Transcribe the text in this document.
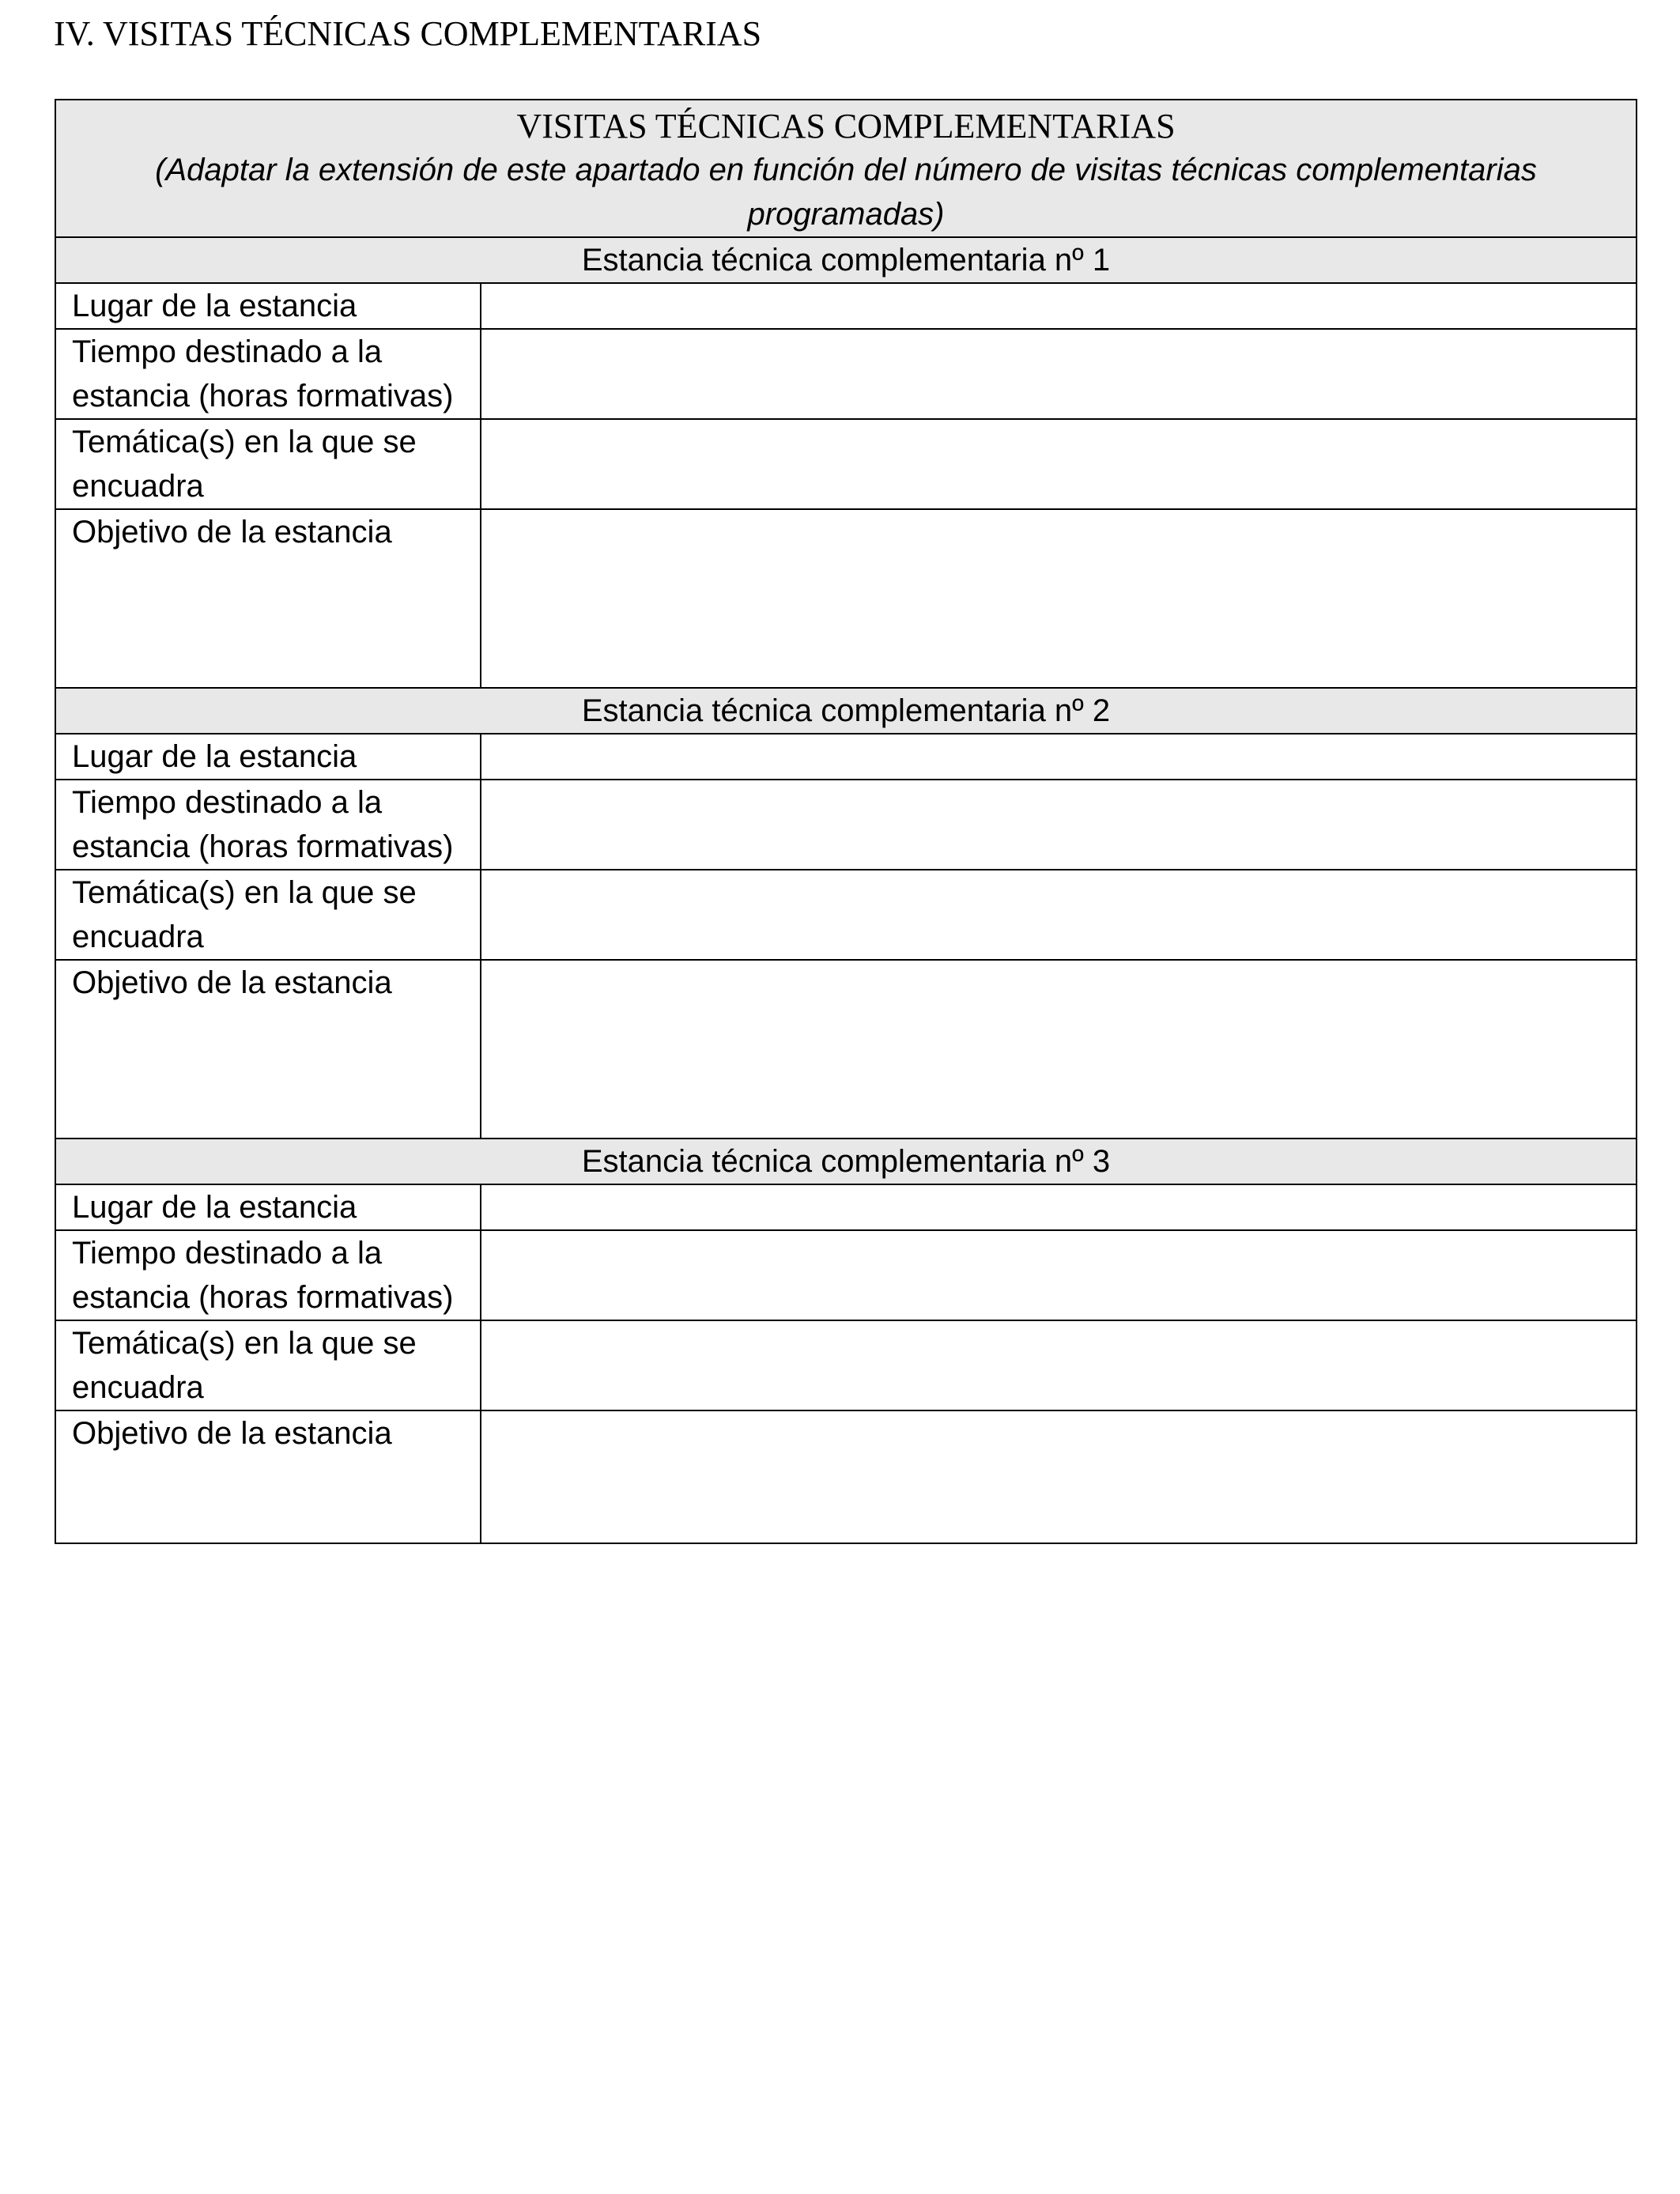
IV. VISITAS TÉCNICAS COMPLEMENTARIAS
VISITAS TÉCNICAS COMPLEMENTARIAS
(Adaptar la extensión de este apartado en función del número de visitas técnicas complementarias programadas)	

Estancia técnica complementaria nº 1	
Lugar de la estancia	
Tiempo destinado a la estancia (horas formativas)	
Temática(s) en la que se encuadra	
Objetivo de la estancia	
Estancia técnica complementaria nº 2	
Lugar de la estancia	
Tiempo destinado a la estancia (horas formativas)	
Temática(s) en la que se encuadra	
Objetivo de la estancia	
Estancia técnica complementaria nº 3	
Lugar de la estancia	
Tiempo destinado a la estancia (horas formativas)	
Temática(s) en la que se encuadra	
Objetivo de la estancia	
